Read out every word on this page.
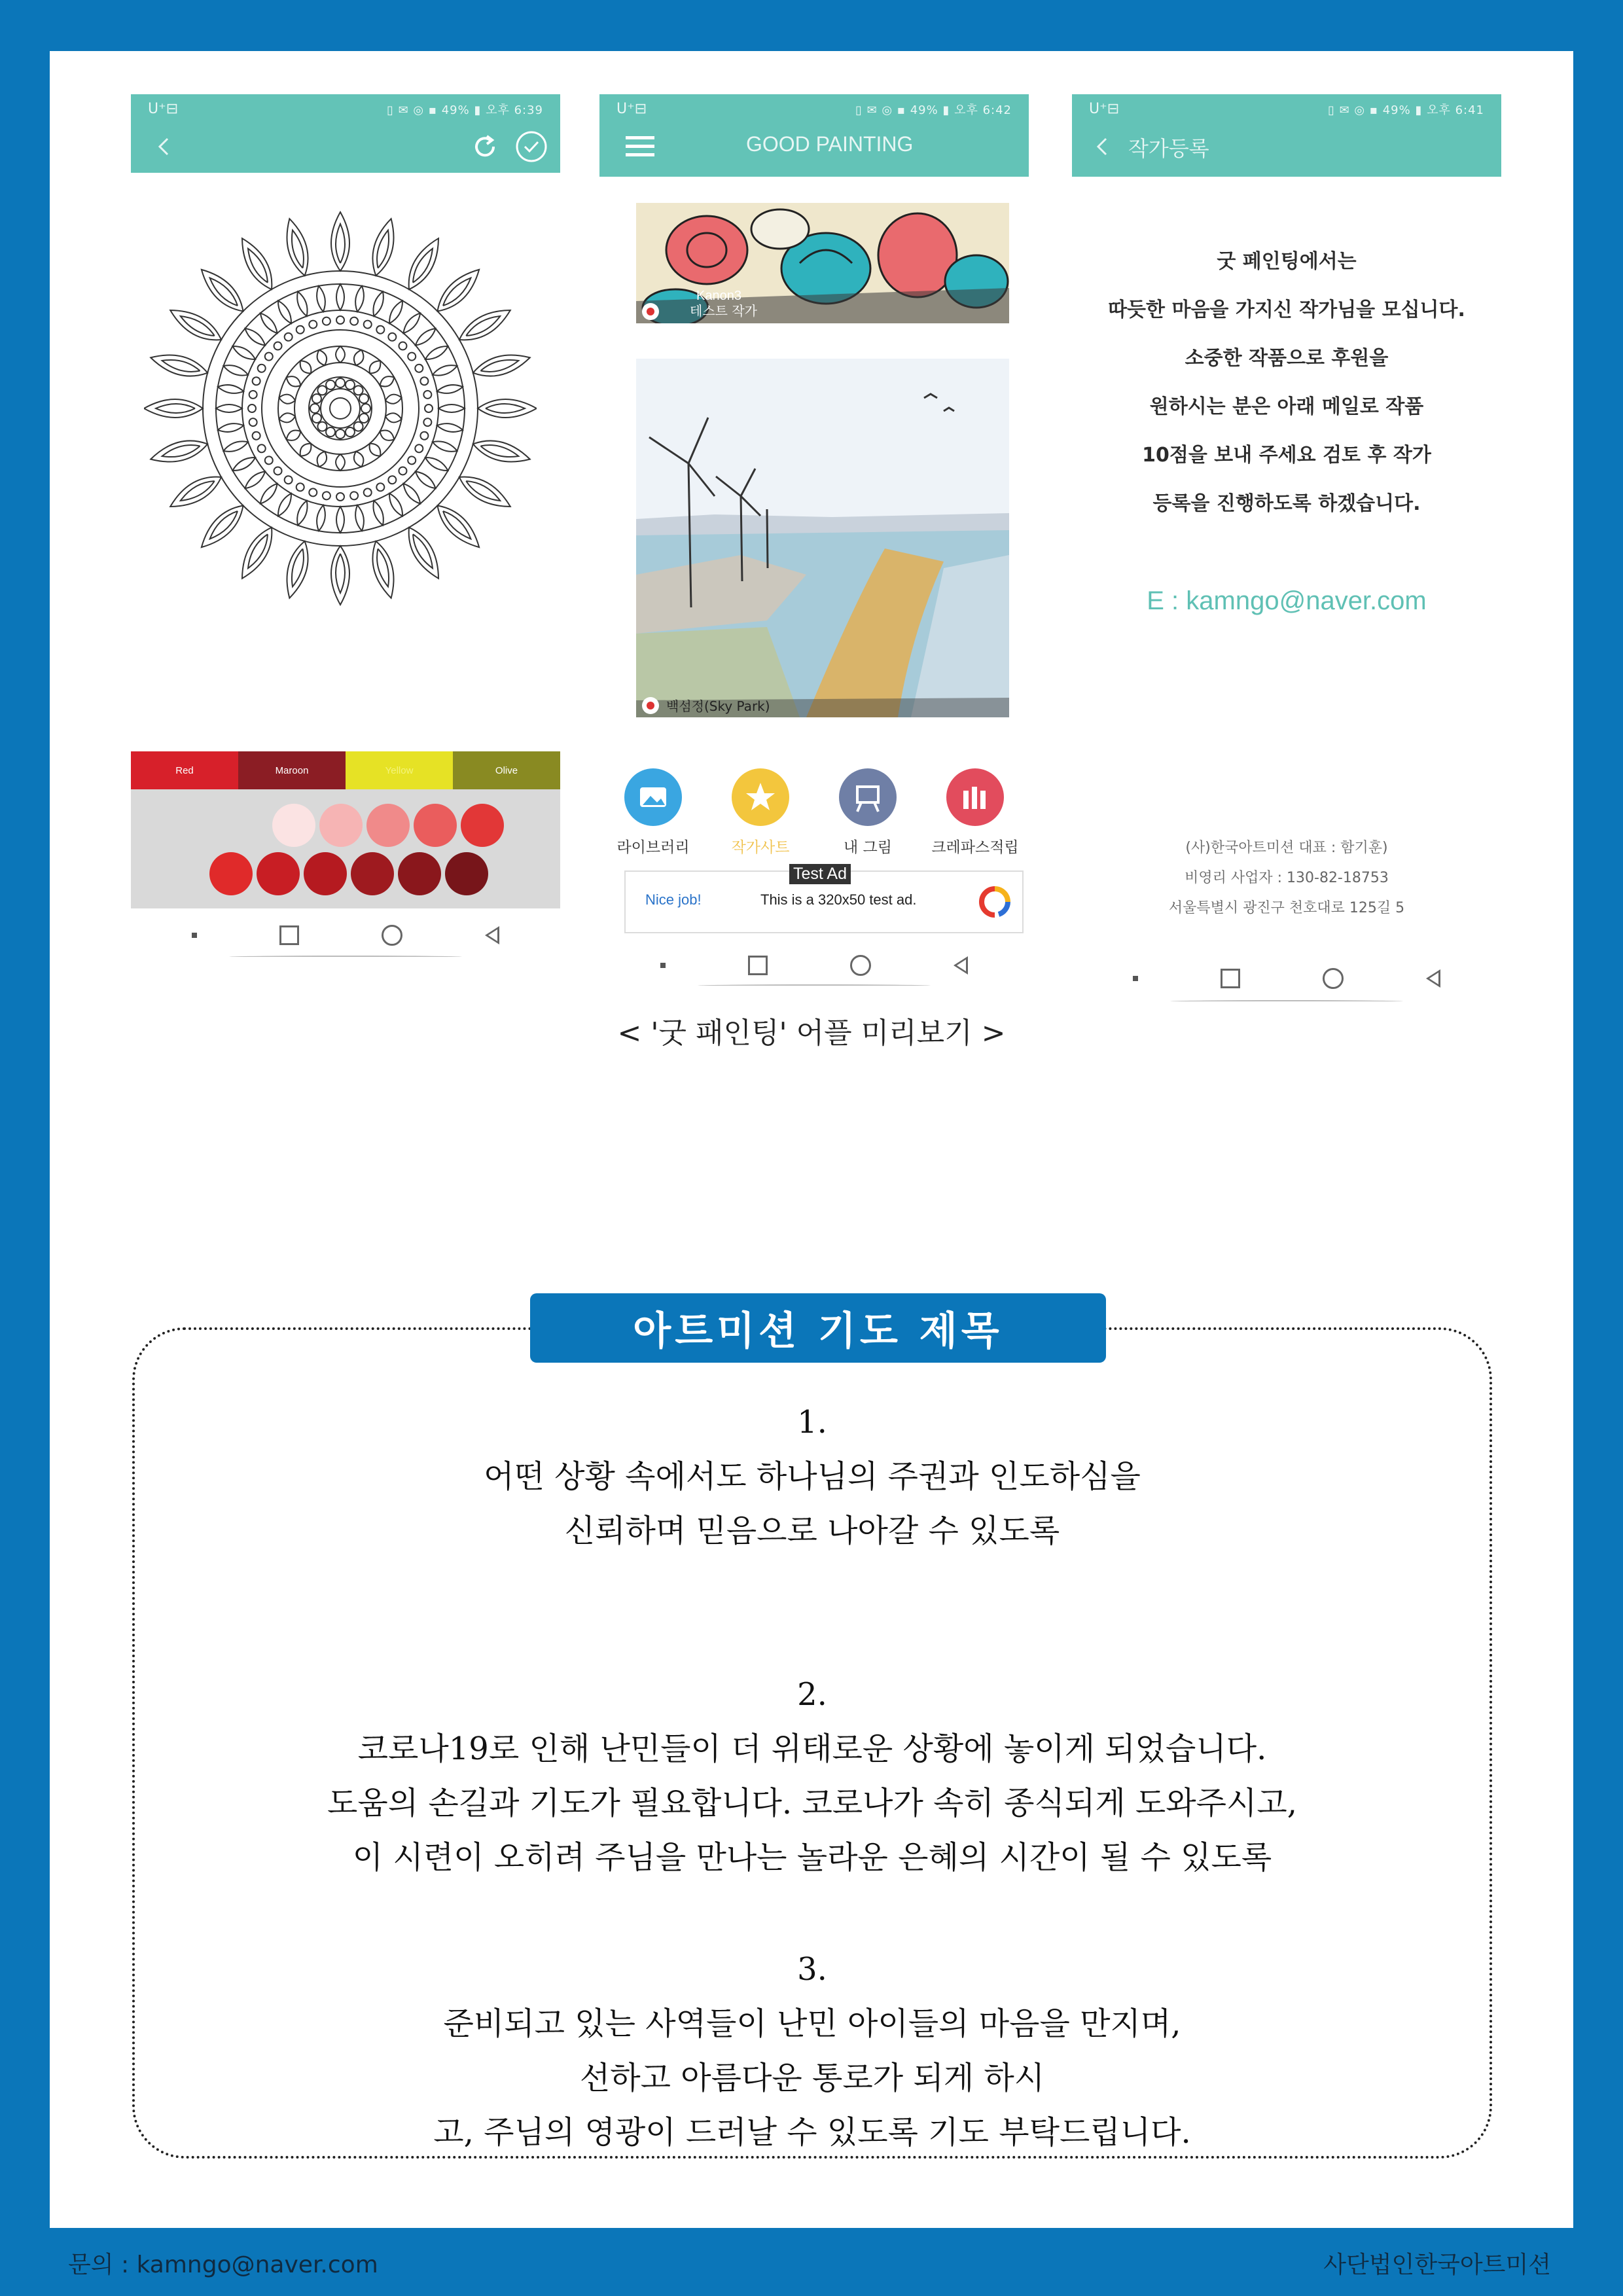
U⁺⊟	▯ ✉ ◎ ▪ 49% ▮ 오후 6:39
Red	Maroon	Yellow	Olive
U⁺⊟	▯ ✉ ◎ ▪ 49% ▮ 오후 6:42
GOOD PAINTING
Kanon3
테스트 작가
백섬정(Sky Park)
라이브러리	작가사트	내 그림	크레파스적립
Nice job!	This is a 320x50 test ad.
Test Ad
U⁺⊟	▯ ✉ ◎ ▪ 49% ▮ 오후 6:41
작가등록
굿 페인팅에서는
따듯한 마음을 가지신 작가님을 모십니다.
소중한 작품으로 후원을
원하시는 분은 아래 메일로 작품
10점을 보내 주세요 검토 후 작가
등록을 진행하도록 하겠습니다.
E : kamngo@naver.com
(사)한국아트미션 대표 : 함기훈)
비영리 사업자 : 130-82-18753
서울특별시 광진구 천호대로 125길 5
< '굿 패인팅' 어플 미리보기 >
아트미션 기도 제목
1.
어떤 상황 속에서도 하나님의 주권과 인도하심을
신뢰하며 믿음으로 나아갈 수 있도록
2.
코로나19로 인해 난민들이 더 위태로운 상황에 놓이게 되었습니다.
도움의 손길과 기도가 필요합니다. 코로나가 속히 종식되게 도와주시고,
이 시련이 오히려 주님을 만나는 놀라운 은혜의 시간이 될 수 있도록
3.
준비되고 있는 사역들이 난민 아이들의 마음을 만지며,
선하고 아름다운 통로가 되게 하시
고, 주님의 영광이 드러날 수 있도록 기도 부탁드립니다.
문의 : kamngo@naver.com	사단법인한국아트미션
